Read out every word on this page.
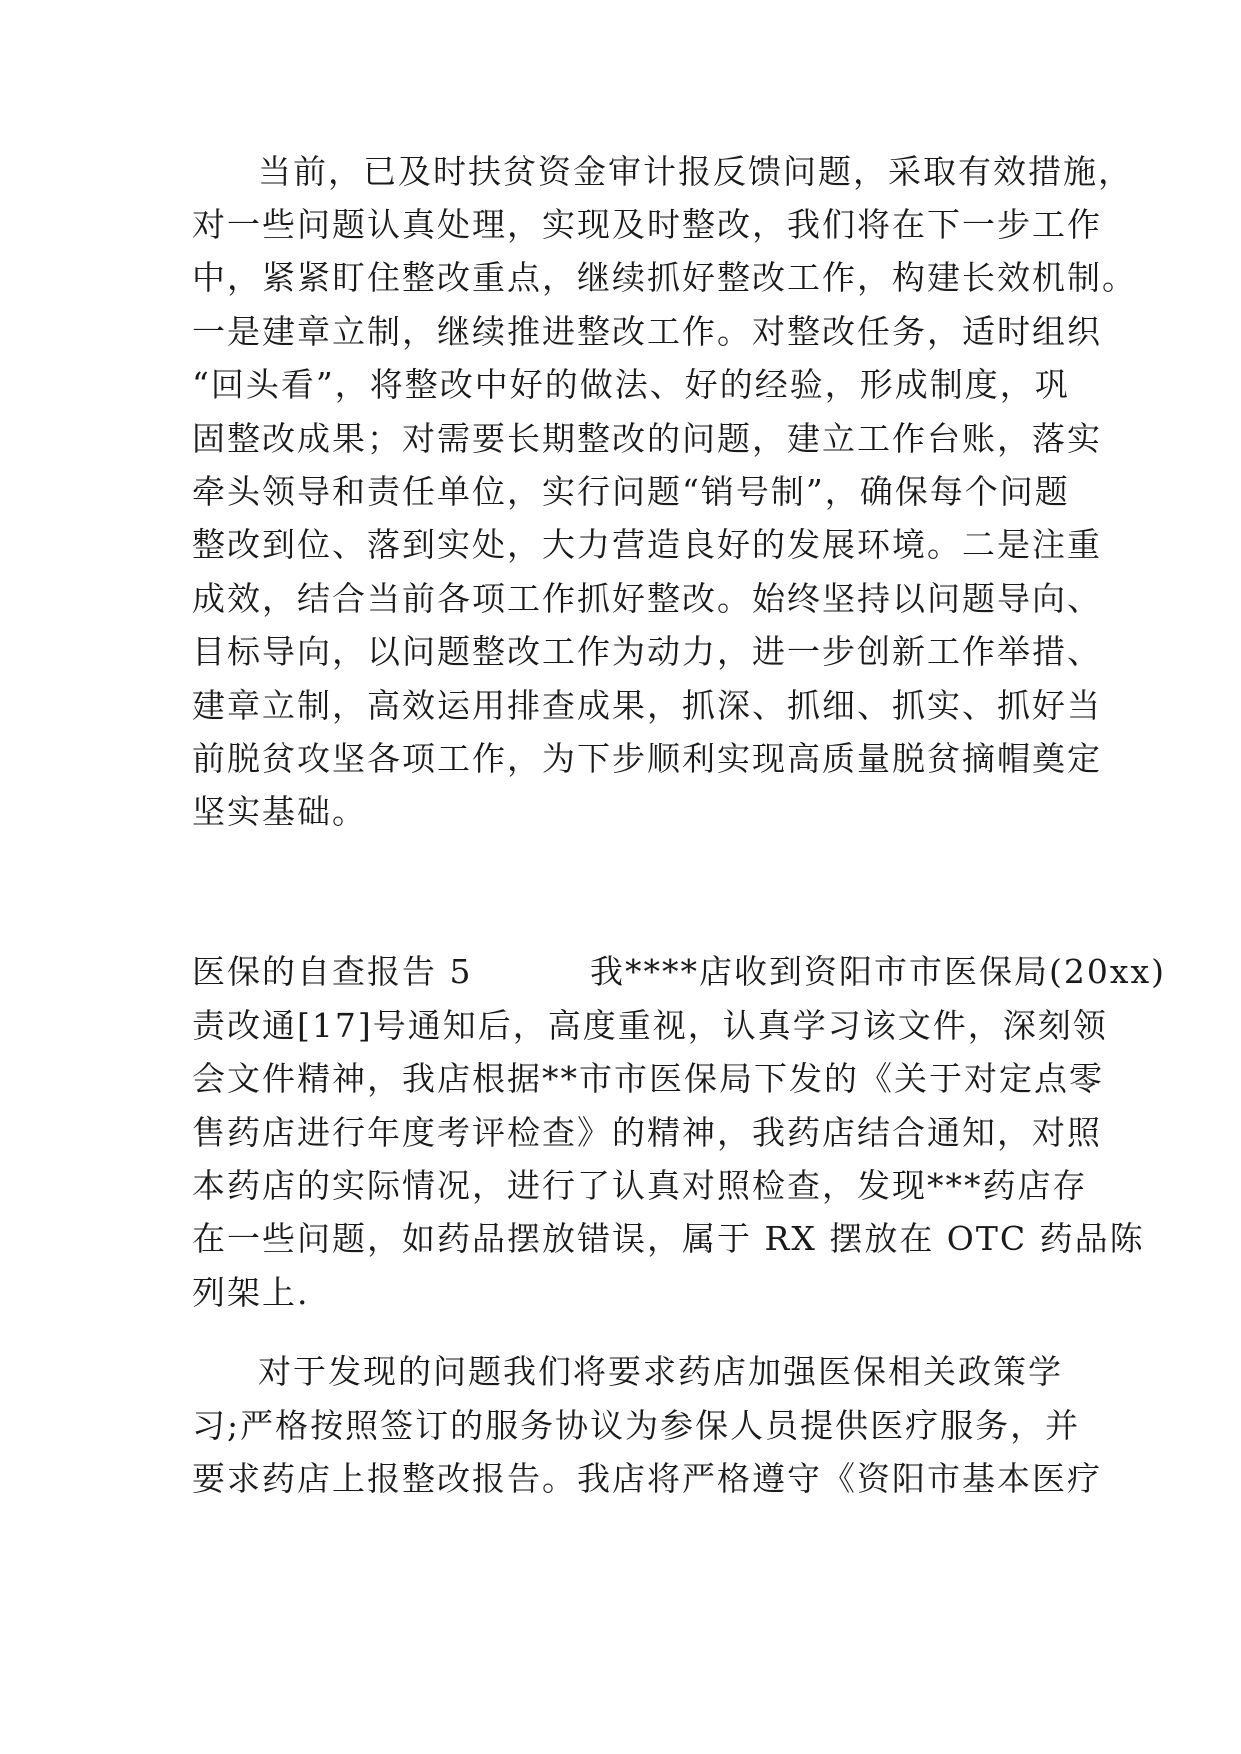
当前，已及时扶贫资金审计报反馈问题，采取有效措施，
对一些问题认真处理，实现及时整改，我们将在下一步工作
中，紧紧盯住整改重点，继续抓好整改工作，构建长效机制。
一是建章立制，继续推进整改工作。对整改任务，适时组织
“回头看”，将整改中好的做法、好的经验，形成制度，巩
固整改成果；对需要长期整改的问题，建立工作台账，落实
牵头领导和责任单位，实行问题“销号制”，确保每个问题
整改到位、落到实处，大力营造良好的发展环境。二是注重
成效，结合当前各项工作抓好整改。始终坚持以问题导向、
目标导向，以问题整改工作为动力，进一步创新工作举措、
建章立制，高效运用排查成果，抓深、抓细、抓实、抓好当
前脱贫攻坚各项工作，为下步顺利实现高质量脱贫摘帽奠定
坚实基础。
医保的自查报告 5　　　 我****店收到资阳市市医保局(20xx)
责改通[17]号通知后，高度重视，认真学习该文件，深刻领
会文件精神，我店根据**市市医保局下发的《关于对定点零
售药店进行年度考评检查》的精神，我药店结合通知，对照
本药店的实际情况，进行了认真对照检查，发现***药店存
在一些问题，如药品摆放错误，属于 RX 摆放在 OTC 药品陈
列架上.
对于发现的问题我们将要求药店加强医保相关政策学
习;严格按照签订的服务协议为参保人员提供医疗服务，并
要求药店上报整改报告。我店将严格遵守《资阳市基本医疗
